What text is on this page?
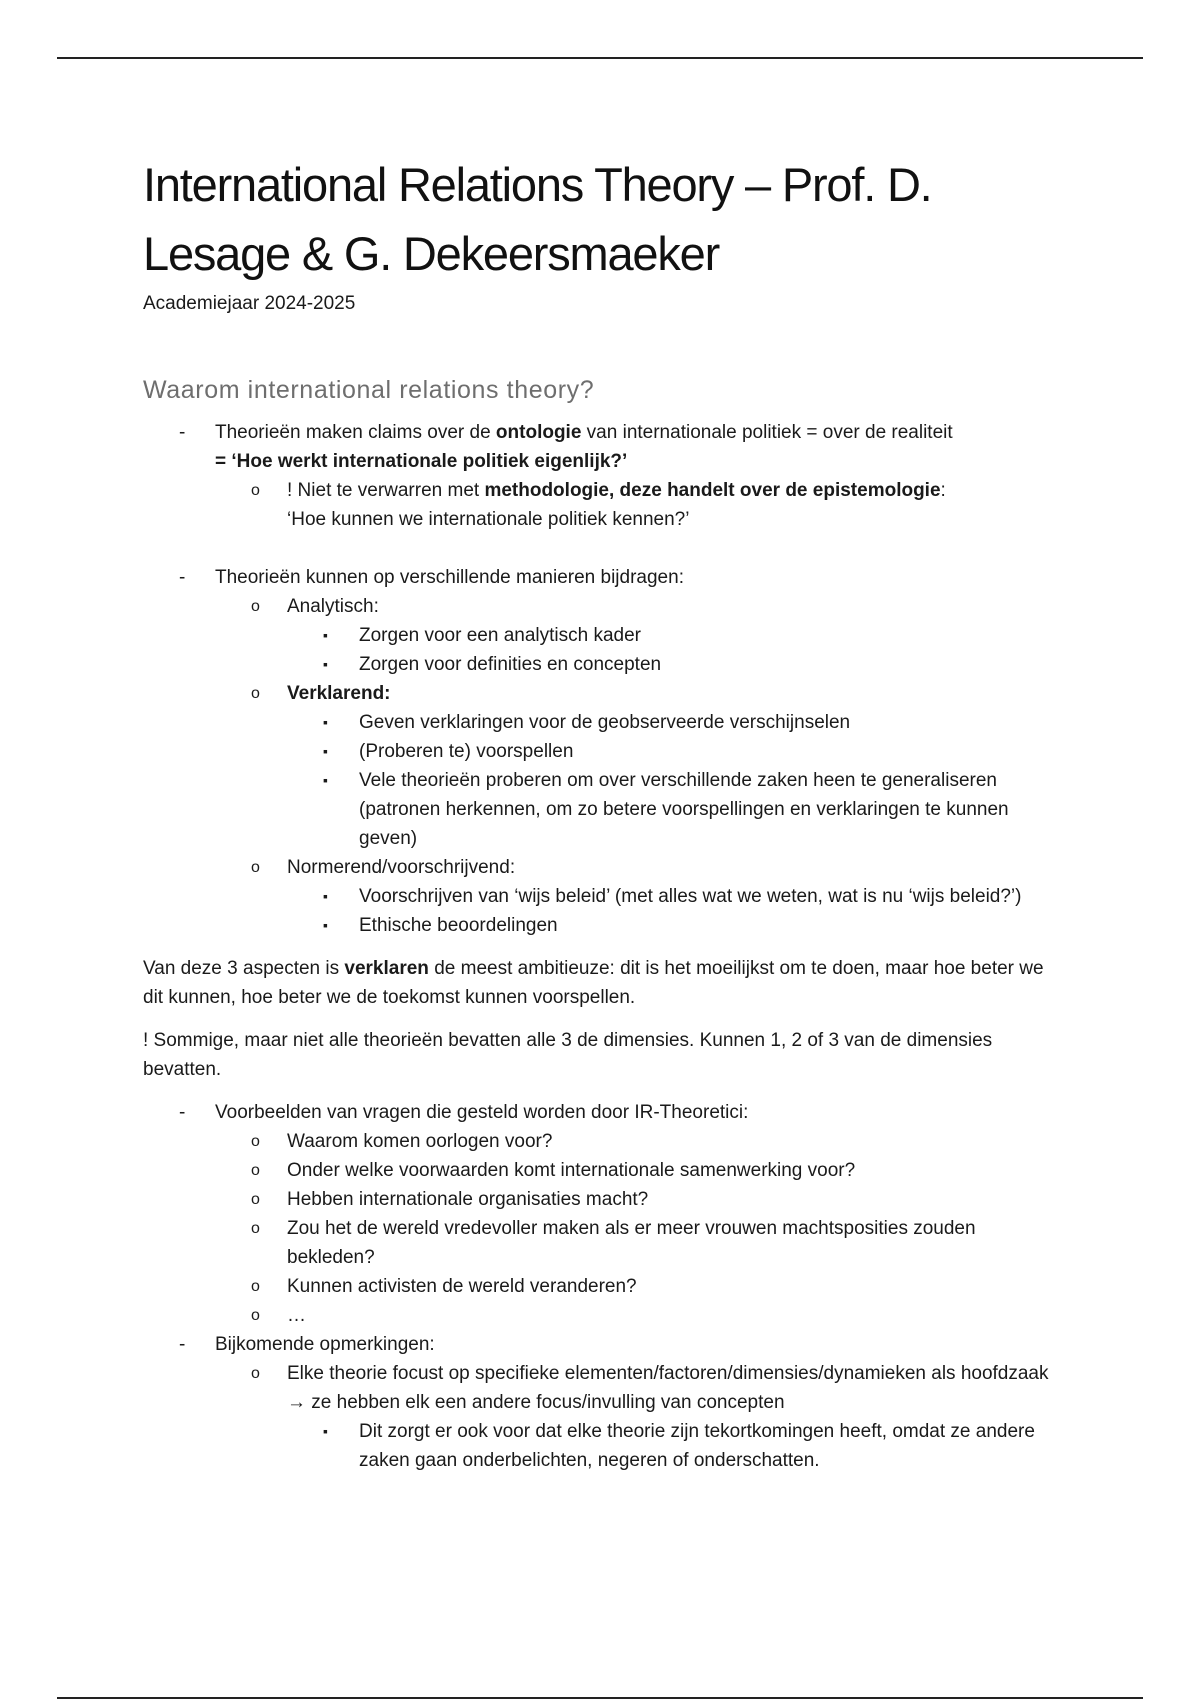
International Relations Theory – Prof. D. Lesage & G. Dekeersmaeker

Academiejaar 2024-2025

Waarom international relations theory?
- Theorieën maken claims over de ontologie van internationale politiek = over de realiteit
= ‘Hoe werkt internationale politiek eigenlijk?’
o ! Niet te verwarren met methodologie, deze handelt over de epistemologie:
‘Hoe kunnen we internationale politiek kennen?’
- Theorieën kunnen op verschillende manieren bijdragen:
o Analytisch:
▪ Zorgen voor een analytisch kader
▪ Zorgen voor definities en concepten
o Verklarend:
▪ Geven verklaringen voor de geobserveerde verschijnselen
▪ (Proberen te) voorspellen
▪ Vele theorieën proberen om over verschillende zaken heen te generaliseren (patronen herkennen, om zo betere voorspellingen en verklaringen te kunnen geven)
o Normerend/voorschrijvend:
▪ Voorschrijven van ‘wijs beleid’ (met alles wat we weten, wat is nu ‘wijs beleid?’)
▪ Ethische beoordelingen

Van deze 3 aspecten is verklaren de meest ambitieuze: dit is het moeilijkst om te doen, maar hoe beter we dit kunnen, hoe beter we de toekomst kunnen voorspellen.

! Sommige, maar niet alle theorieën bevatten alle 3 de dimensies. Kunnen 1, 2 of 3 van de dimensies bevatten.

- Voorbeelden van vragen die gesteld worden door IR-Theoretici:
o Waarom komen oorlogen voor?
o Onder welke voorwaarden komt internationale samenwerking voor?
o Hebben internationale organisaties macht?
o Zou het de wereld vredevoller maken als er meer vrouwen machtsposities zouden bekleden?
o Kunnen activisten de wereld veranderen?
o …
- Bijkomende opmerkingen:
o Elke theorie focust op specifieke elementen/factoren/dimensies/dynamieken als hoofdzaak → ze hebben elk een andere focus/invulling van concepten
▪ Dit zorgt er ook voor dat elke theorie zijn tekortkomingen heeft, omdat ze andere zaken gaan onderbelichten, negeren of onderschatten.
